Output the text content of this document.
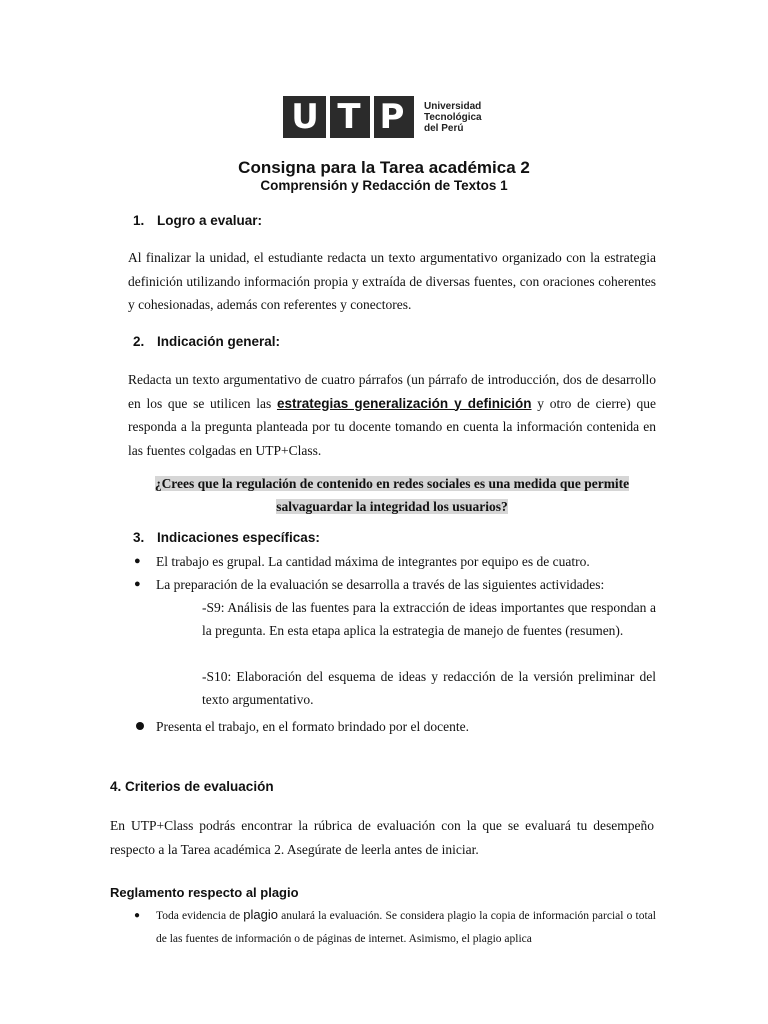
U T P	Universidad
Tecnológica
del Perú
Consigna para la Tarea académica 2
Comprensión y Redacción de Textos 1
1. Logro a evaluar:
Al finalizar la unidad, el estudiante redacta un texto argumentativo organizado con la estrategia definición utilizando información propia y extraída de diversas fuentes, con oraciones coherentes y cohesionadas, además con referentes y conectores.
2. Indicación general:
Redacta un texto argumentativo de cuatro párrafos (un párrafo de introducción, dos de desarrollo en los que se utilicen las estrategias generalización y definición y otro de cierre) que responda a la pregunta planteada por tu docente tomando en cuenta la información contenida en las fuentes colgadas en UTP+Class.
¿Crees que la regulación de contenido en redes sociales es una medida que permite salvaguardar la integridad los usuarios?
3. Indicaciones específicas:
● El trabajo es grupal. La cantidad máxima de integrantes por equipo es de cuatro.
● La preparación de la evaluación se desarrolla a través de las siguientes actividades:
-S9: Análisis de las fuentes para la extracción de ideas importantes que respondan a la pregunta. En esta etapa aplica la estrategia de manejo de fuentes (resumen).
-S10: Elaboración del esquema de ideas y redacción de la versión preliminar del texto argumentativo.
Presenta el trabajo, en el formato brindado por el docente.
4. Criterios de evaluación
En UTP+Class podrás encontrar la rúbrica de evaluación con la que se evaluará tu desempeño respecto a la Tarea académica 2. Asegúrate de leerla antes de iniciar.
Reglamento respecto al plagio
● Toda evidencia de plagio anulará la evaluación. Se considera plagio la copia de información parcial o total de las fuentes de información o de páginas de internet. Asimismo, el plagio aplica
